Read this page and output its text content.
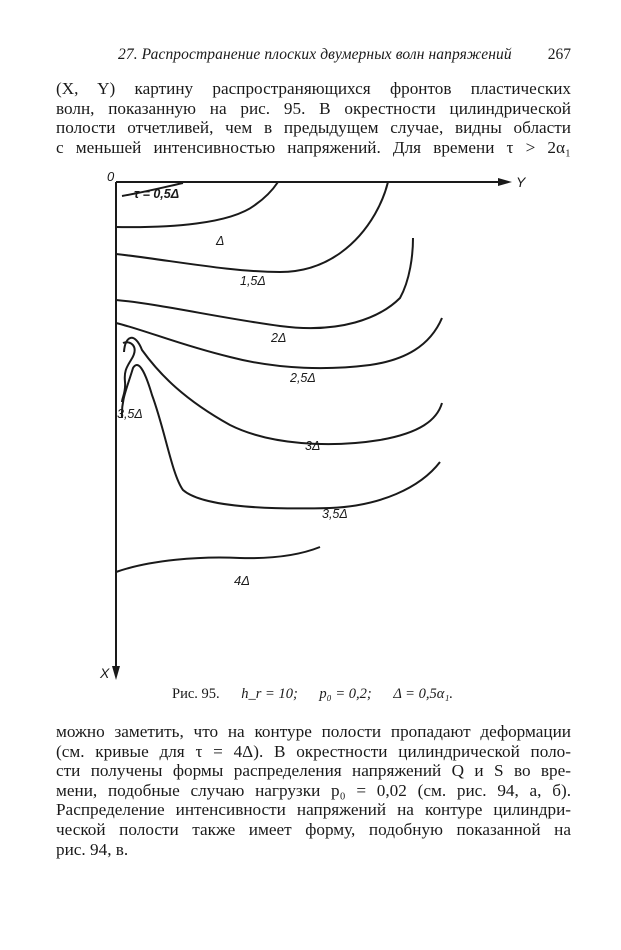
27. Распространение плоских двумерных волн напряжений 267

(X, Y) картину распространяющихся фронтов пластических
волн, показанную на рис. 95. В окрестности цилиндрической
полости отчетливей, чем в предыдущем случае, видны области
с меньшей интенсивностью напряжений. Для времени τ > 2α₁

0	Y
X
τ = 0,5Δ
Δ
1,5Δ
2Δ
2,5Δ
3Δ
3,5Δ
3,5Δ
4Δ
Рис. 95. h_r = 10; p₀ = 0,2; Δ = 0,5α₁.

можно заметить, что на контуре полости пропадают деформации
(см. кривые для τ = 4Δ). В окрестности цилиндрической поло-
сти получены формы распределения напряжений Q и S во вре-
мени, подобные случаю нагрузки p₀ = 0,02 (см. рис. 94, а, б).
Распределение интенсивности напряжений на контуре цилиндри-
ческой полости также имеет форму, подобную показанной на
рис. 94, в.
